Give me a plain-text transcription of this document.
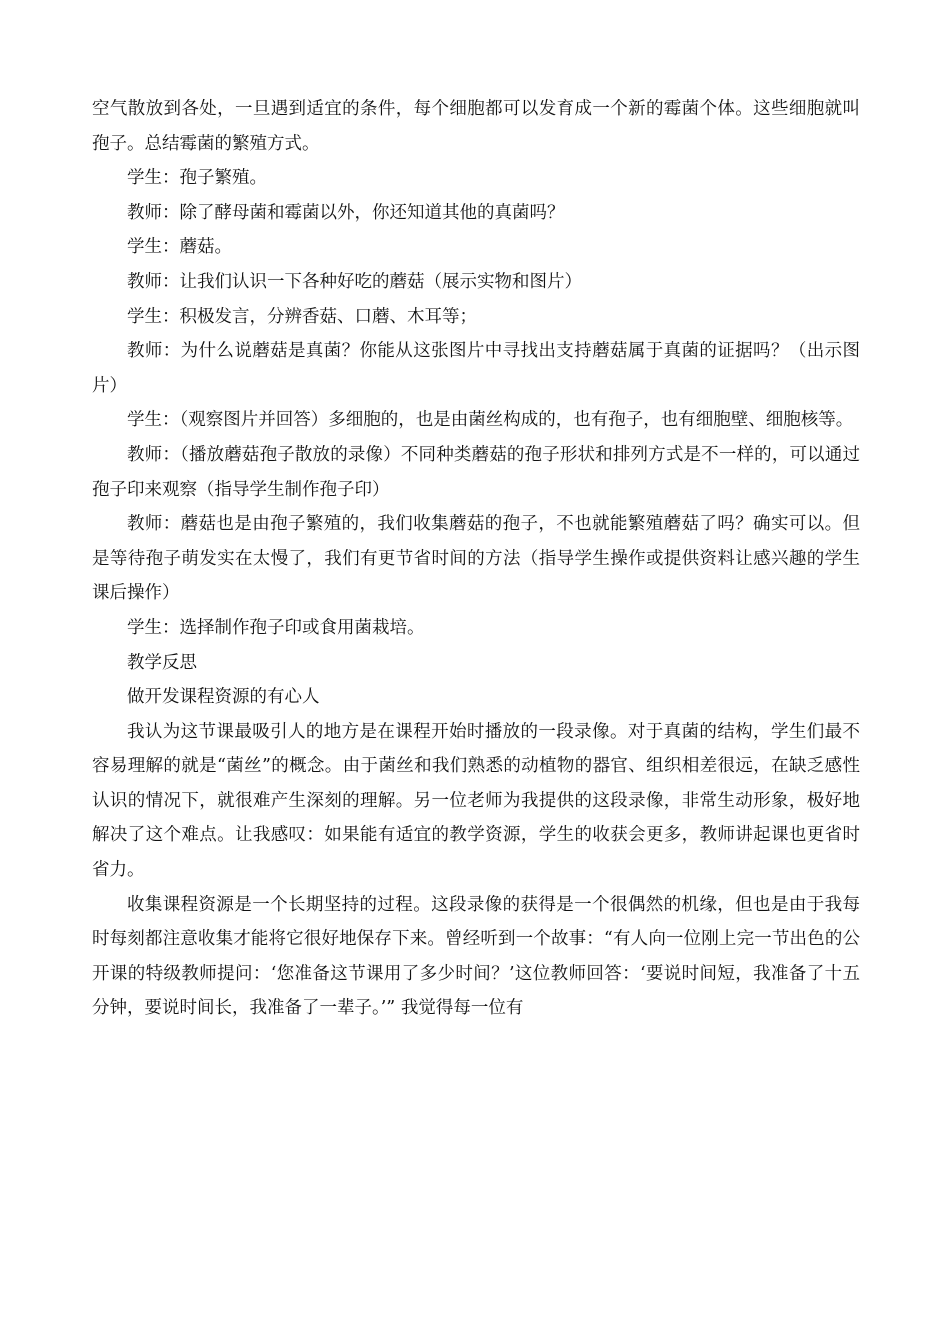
空气散放到各处，一旦遇到适宜的条件，每个细胞都可以发育成一个新的霉菌个体。这些细胞就叫孢子。总结霉菌的繁殖方式。

学生：孢子繁殖。

教师：除了酵母菌和霉菌以外，你还知道其他的真菌吗？

学生：蘑菇。

教师：让我们认识一下各种好吃的蘑菇（展示实物和图片）

学生：积极发言，分辨香菇、口蘑、木耳等；

教师：为什么说蘑菇是真菌？你能从这张图片中寻找出支持蘑菇属于真菌的证据吗？（出示图片）

学生：（观察图片并回答）多细胞的，也是由菌丝构成的，也有孢子，也有细胞壁、细胞核等。

教师：（播放蘑菇孢子散放的录像）不同种类蘑菇的孢子形状和排列方式是不一样的，可以通过孢子印来观察（指导学生制作孢子印）

教师：蘑菇也是由孢子繁殖的，我们收集蘑菇的孢子，不也就能繁殖蘑菇了吗？确实可以。但是等待孢子萌发实在太慢了，我们有更节省时间的方法（指导学生操作或提供资料让感兴趣的学生课后操作）

学生：选择制作孢子印或食用菌栽培。

教学反思

做开发课程资源的有心人

我认为这节课最吸引人的地方是在课程开始时播放的一段录像。对于真菌的结构，学生们最不容易理解的就是“菌丝”的概念。由于菌丝和我们熟悉的动植物的器官、组织相差很远，在缺乏感性认识的情况下，就很难产生深刻的理解。另一位老师为我提供的这段录像，非常生动形象，极好地解决了这个难点。让我感叹：如果能有适宜的教学资源，学生的收获会更多，教师讲起课也更省时省力。

收集课程资源是一个长期坚持的过程。这段录像的获得是一个很偶然的机缘，但也是由于我每时每刻都注意收集才能将它很好地保存下来。曾经听到一个故事：“有人向一位刚上完一节出色的公开课的特级教师提问：‘您准备这节课用了多少时间？’这位教师回答：‘要说时间短，我准备了十五分钟，要说时间长，我准备了一辈子。’” 我觉得每一位有
